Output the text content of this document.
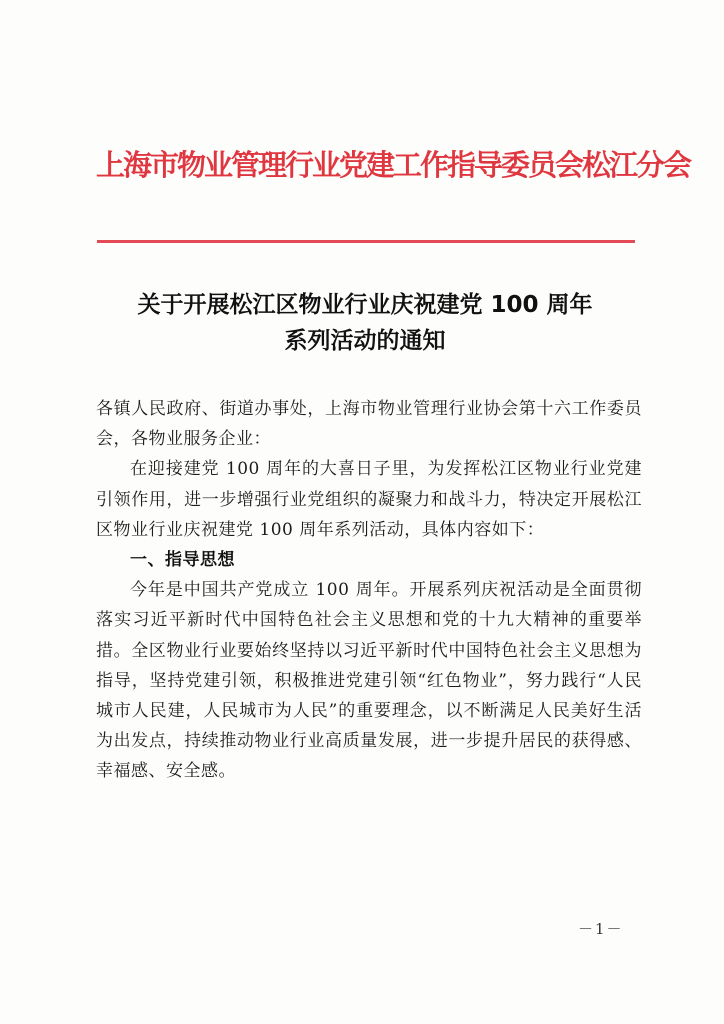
上海市物业管理行业党建工作指导委员会松江分会
关于开展松江区物业行业庆祝建党 100 周年
系列活动的通知

各镇人民政府、街道办事处，上海市物业管理行业协会第十六工作委员会，各物业服务企业：

在迎接建党 100 周年的大喜日子里，为发挥松江区物业行业党建引领作用，进一步增强行业党组织的凝聚力和战斗力，特决定开展松江区物业行业庆祝建党 100 周年系列活动，具体内容如下：

一、指导思想

今年是中国共产党成立 100 周年。开展系列庆祝活动是全面贯彻落实习近平新时代中国特色社会主义思想和党的十九大精神的重要举措。全区物业行业要始终坚持以习近平新时代中国特色社会主义思想为指导，坚持党建引领，积极推进党建引领“红色物业”，努力践行“人民城市人民建，人民城市为人民”的重要理念，以不断满足人民美好生活为出发点，持续推动物业行业高质量发展，进一步提升居民的获得感、幸福感、安全感。

－1－
